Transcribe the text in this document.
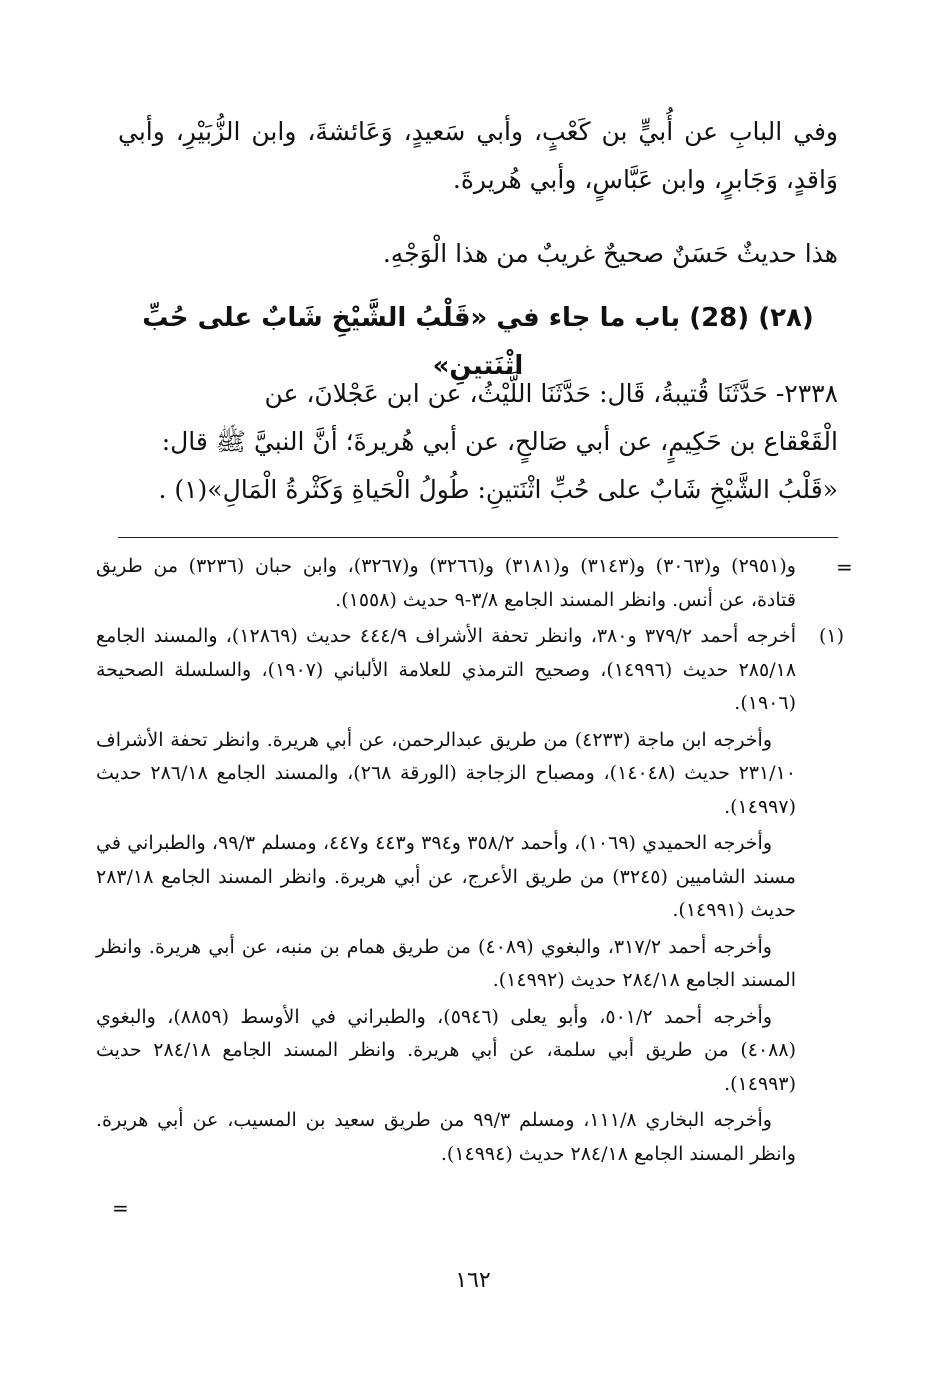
وفي البابِ عن أُبيٍّ بن كَعْبٍ، وأبي سَعيدٍ، وَعَائشةَ، وابن الزُّبَيْرِ، وأبي وَاقدٍ، وَجَابرٍ، وابن عَبَّاسٍ، وأبي هُريرةَ.
هذا حديثٌ حَسَنٌ صحيحٌ غريبٌ من هذا الْوَجْهِ.
(٢٨) (28) باب ما جاء في «قَلْبُ الشَّيْخِ شَابٌ على حُبِّ اثْنَتينِ»
٢٣٣٨- حَدَّثَنَا قُتيبةُ، قَال: حَدَّثَنَا اللَّيْثُ، عن ابن عَجْلانَ، عن
الْقَعْقاع بن حَكِيمٍ، عن أبي صَالحٍ، عن أبي هُريرةَ؛ أنَّ النبيَّ ﷺ قال:
«قَلْبُ الشَّيْخِ شَابٌ على حُبِّ اثْنَتينِ: طُولُ الْحَياةِ وَكَثْرةُ الْمَالِ»(١) .
=

و(٢٩٥١) و(٣٠٦٣) و(٣١٤٣) و(٣١٨١) و(٣٢٦٦) و(٣٢٦٧)، وابن حبان (٣٢٣٦) من طريق قتادة، عن أنس. وانظر المسند الجامع ٣/٨-٩ حديث (١٥٥٨).

(١)

أخرجه أحمد ٣٧٩/٢ و٣٨٠، وانظر تحفة الأشراف ٤٤٤/٩ حديث (١٢٨٦٩)، والمسند الجامع ٢٨٥/١٨ حديث (١٤٩٩٦)، وصحيح الترمذي للعلامة الألباني (١٩٠٧)، والسلسلة الصحيحة (١٩٠٦).

وأخرجه ابن ماجة (٤٢٣٣) من طريق عبدالرحمن، عن أبي هريرة. وانظر تحفة الأشراف ٢٣١/١٠ حديث (١٤٠٤٨)، ومصباح الزجاجة (الورقة ٢٦٨)، والمسند الجامع ٢٨٦/١٨ حديث (١٤٩٩٧).

وأخرجه الحميدي (١٠٦٩)، وأحمد ٣٥٨/٢ و٣٩٤ و٤٤٣ و٤٤٧، ومسلم ٩٩/٣، والطبراني في مسند الشاميين (٣٢٤٥) من طريق الأعرج، عن أبي هريرة. وانظر المسند الجامع ٢٨٣/١٨ حديث (١٤٩٩١).

وأخرجه أحمد ٣١٧/٢، والبغوي (٤٠٨٩) من طريق همام بن منبه، عن أبي هريرة. وانظر المسند الجامع ٢٨٤/١٨ حديث (١٤٩٩٢).

وأخرجه أحمد ٥٠١/٢، وأبو يعلى (٥٩٤٦)، والطبراني في الأوسط (٨٨٥٩)، والبغوي (٤٠٨٨) من طريق أبي سلمة، عن أبي هريرة. وانظر المسند الجامع ٢٨٤/١٨ حديث (١٤٩٩٣).

وأخرجه البخاري ١١١/٨، ومسلم ٩٩/٣ من طريق سعيد بن المسيب، عن أبي هريرة. وانظر المسند الجامع ٢٨٤/١٨ حديث (١٤٩٩٤).

=
١٦٢
